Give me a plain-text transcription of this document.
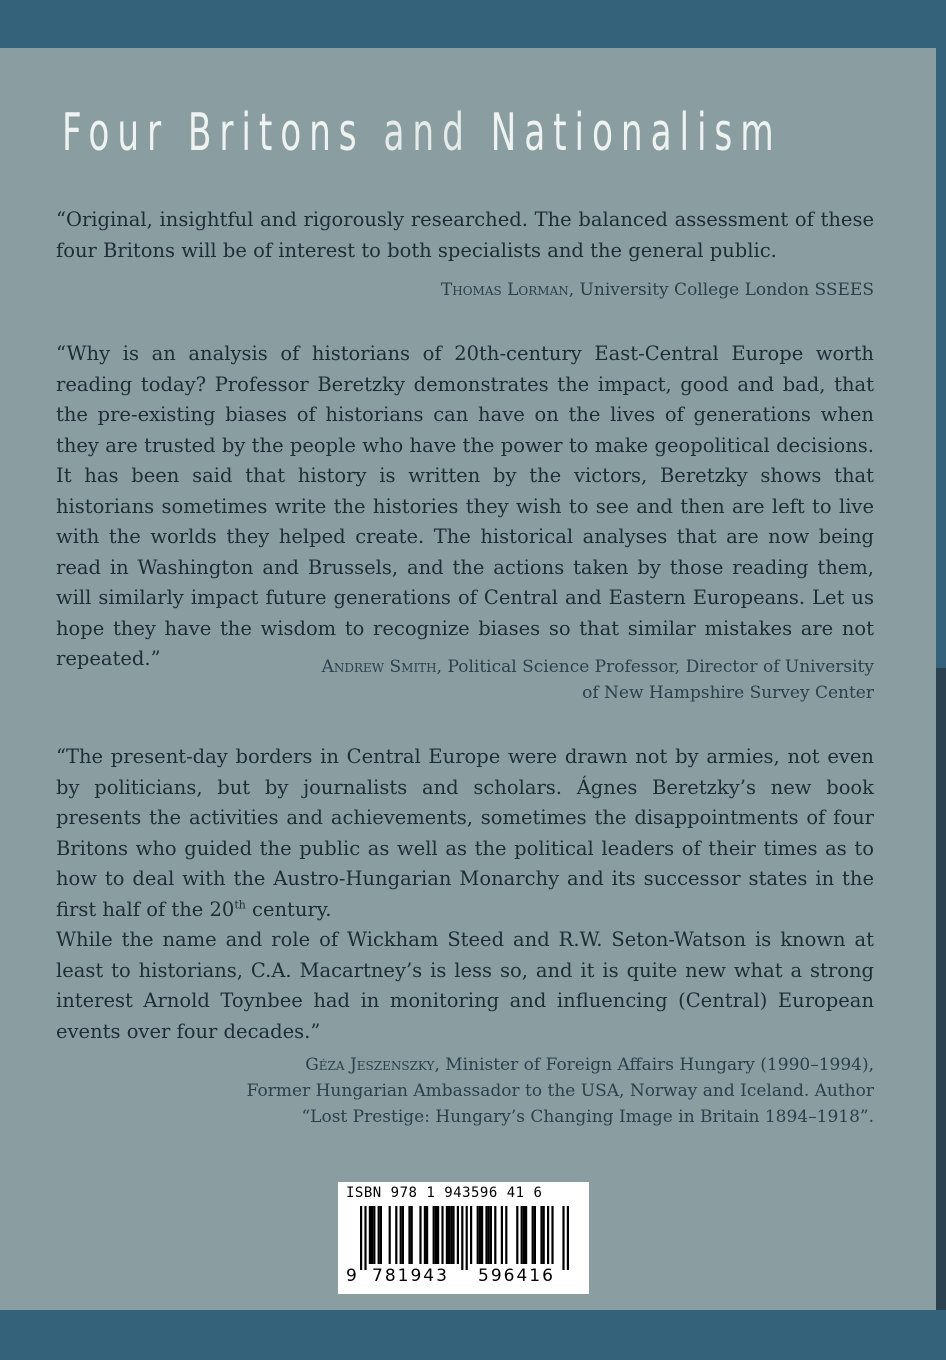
Four Britons and Nationalism

“Original, insightful and rigorously researched. The balanced assessment of these four Britons will be of interest to both specialists and the general public.

Thomas Lorman, University College London SSEES

“Why is an analysis of historians of 20th-century East-Central Europe worth reading today? Professor Beretzky demonstrates the impact, good and bad, that the pre-existing biases of historians can have on the lives of generations when they are trusted by the people who have the power to make geopolitical decisions. It has been said that history is written by the victors, Beretzky shows that historians sometimes write the histories they wish to see and then are left to live with the worlds they helped create. The historical analyses that are now being read in Washington and Brussels, and the actions taken by those reading them, will similarly impact future generations of Central and Eastern Europeans. Let us hope they have the wisdom to recognize biases so that similar mistakes are not repeated.”	Andrew Smith, Political Science Professor, Director of University
of New Hampshire Survey Center

“The present-day borders in Central Europe were drawn not by armies, not even by politicians, but by journalists and scholars. Ágnes Beretzky’s new book presents the activities and achievements, sometimes the disappointments of four Britons who guided the public as well as the political leaders of their times as to how to deal with the Austro-Hungarian Monarchy and its successor states in the first half of the 20th century.

While the name and role of Wickham Steed and R.W. Seton-Watson is known at least to historians, C.A. Macartney’s is less so, and it is quite new what a strong interest Arnold Toynbee had in monitoring and influencing (Central) European events over four decades.”

Géza Jeszenszky, Minister of Foreign Affairs Hungary (1990–1994),
Former Hungarian Ambassador to the USA, Norway and Iceland. Author
“Lost Prestige: Hungary’s Changing Image in Britain 1894–1918”.
ISBN 978 1 943596 41 6
9 781943 596416
